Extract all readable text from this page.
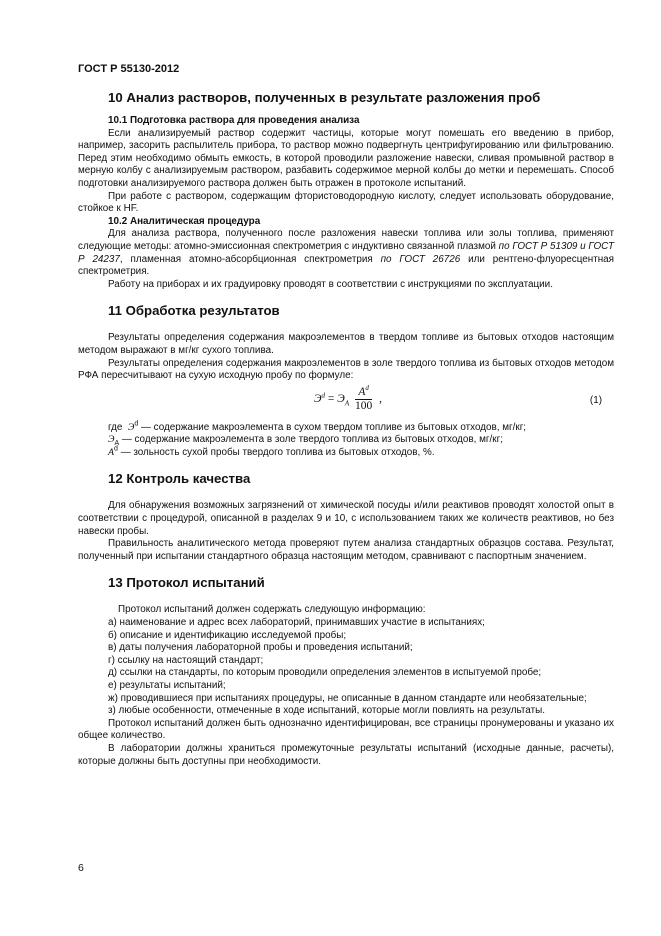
ГОСТ Р 55130-2012
10 Анализ растворов, полученных в результате разложения проб
10.1 Подготовка раствора для проведения анализа

Если анализируемый раствор содержит частицы, которые могут помешать его введению в прибор, например, засорить распылитель прибора, то раствор можно подвергнуть центрифугированию или фильтрованию. Перед этим необходимо обмыть емкость, в которой проводили разложение навески, сливая промывной раствор в мерную колбу с анализируемым раствором, разбавить содержимое мерной колбы до метки и перемешать. Способ подготовки анализируемого раствора должен быть отражен в протоколе испытаний.

При работе с раствором, содержащим фтористоводородную кислоту, следует использовать оборудование, стойкое к HF.

10.2 Аналитическая процедура

Для анализа раствора, полученного после разложения навески топлива или золы топлива, применяют следующие методы: атомно-эмиссионная спектрометрия с индуктивно связанной плазмой по ГОСТ Р 51309 и ГОСТ Р 24237, пламенная атомно-абсорбционная спектрометрия по ГОСТ 26726 или рентгено-флуоресцентная спектрометрия.

Работу на приборах и их градуировку проводят в соответствии с инструкциями по эксплуатации.

11 Обработка результатов

Результаты определения содержания макроэлементов в твердом топливе из бытовых отходов настоящим методом выражают в мг/кг сухого топлива.

Результаты определения содержания макроэлементов в золе твердого топлива из бытовых отходов методом РФА пересчитывают на сухую исходную пробу по формуле:

$Э^d = Э_A \frac{A^d}{100}$ ,	(1)

где $Э^d$ — содержание макроэлемента в сухом твердом топливе из бытовых отходов, мг/кг;

$Э_A$ — содержание макроэлемента в золе твердого топлива из бытовых отходов, мг/кг;

$A^d$ — зольность сухой пробы твердого топлива из бытовых отходов, %.

12 Контроль качества

Для обнаружения возможных загрязнений от химической посуды и/или реактивов проводят холостой опыт в соответствии с процедурой, описанной в разделах 9 и 10, с использованием таких же количеств реактивов, но без навески пробы.

Правильность аналитического метода проверяют путем анализа стандартных образцов состава. Результат, полученный при испытании стандартного образца настоящим методом, сравнивают с паспортным значением.

13 Протокол испытаний

Протокол испытаний должен содержать следующую информацию:

а) наименование и адрес всех лабораторий, принимавших участие в испытаниях;

б) описание и идентификацию исследуемой пробы;

в) даты получения лабораторной пробы и проведения испытаний;

г) ссылку на настоящий стандарт;

д) ссылки на стандарты, по которым проводили определения элементов в испытуемой пробе;

е) результаты испытаний;

ж) проводившиеся при испытаниях процедуры, не описанные в данном стандарте или необязательные;

з) любые особенности, отмеченные в ходе испытаний, которые могли повлиять на результаты.

Протокол испытаний должен быть однозначно идентифицирован, все страницы пронумерованы и указано их общее количество.

В лаборатории должны храниться промежуточные результаты испытаний (исходные данные, расчеты), которые должны быть доступны при необходимости.

6
